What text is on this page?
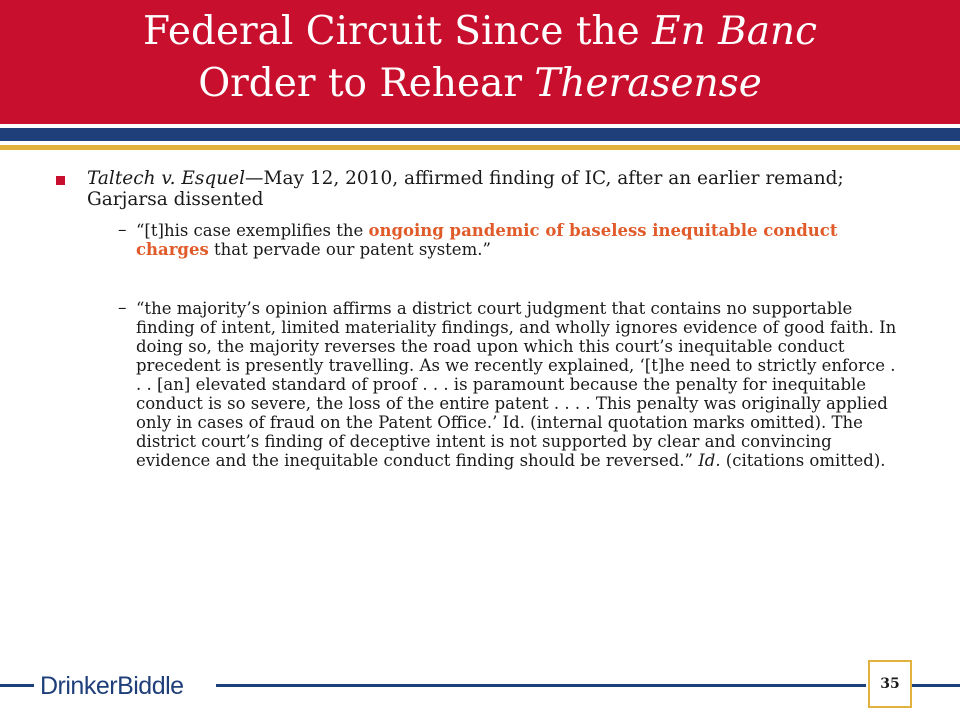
Federal Circuit Since the En Banc
Order to Rehear Therasense
Taltech v. Esquel—May 12, 2010, affirmed finding of IC, after an earlier remand; Garjarsa dissented
– “[t]his case exemplifies the ongoing pandemic of baseless inequitable conduct charges that pervade our patent system.”
– “the majority’s opinion affirms a district court judgment that contains no supportable finding of intent, limited materiality findings, and wholly ignores evidence of good faith. In doing so, the majority reverses the road upon which this court’s inequitable conduct precedent is presently travelling. As we recently explained, ‘[t]he need to strictly enforce . . . [an] elevated standard of proof . . . is paramount because the penalty for inequitable conduct is so severe, the loss of the entire patent . . . . This penalty was originally applied only in cases of fraud on the Patent Office.’ Id. (internal quotation marks omitted). The district court’s finding of deceptive intent is not supported by clear and convincing evidence and the inequitable conduct finding should be reversed.” Id. (citations omitted).
DrinkerBiddle	35
